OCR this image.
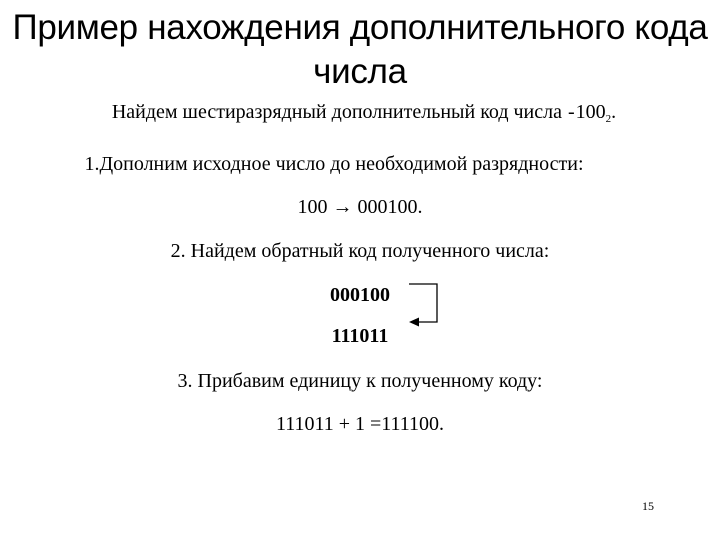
Пример нахождения дополнительного кода
числа
Найдем шестиразрядный дополнительный код числа $-100_2$.
1.Дополним исходное число до необходимой разрядности:
100 → 000100.
2. Найдем обратный код полученного числа:
000100
111011
3. Прибавим единицу к полученному коду:
111011 + 1 =111100.
15
